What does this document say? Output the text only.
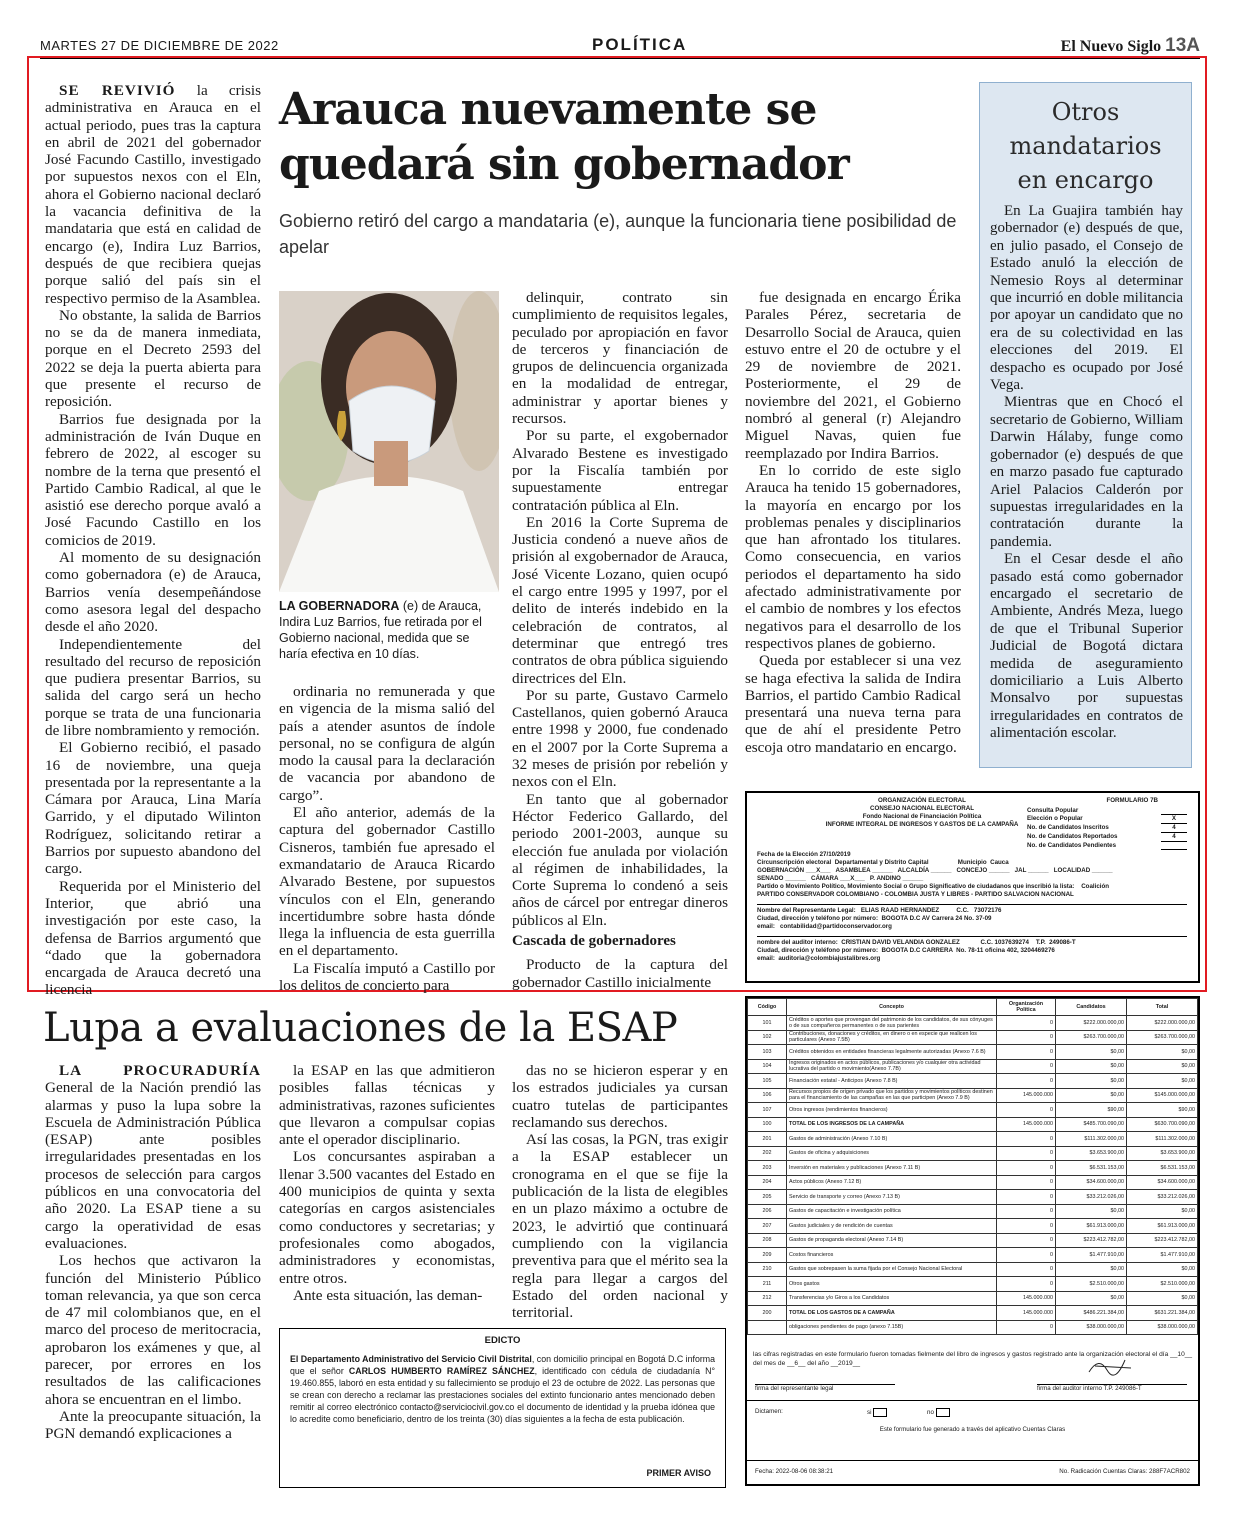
MARTES 27 DE DICIEMBRE DE 2022	POLÍTICA	El Nuevo Siglo 13A

SE REVIVIÓ la crisis administrativa en Arauca en el actual periodo, pues tras la captura en abril de 2021 del gobernador José Facundo Castillo, investigado por supuestos nexos con el Eln, ahora el Gobierno nacional declaró la vacancia definitiva de la mandataria que está en calidad de encargo (e), Indira Luz Barrios, después de que recibiera quejas porque salió del país sin el respectivo permiso de la Asamblea.

No obstante, la salida de Barrios no se da de manera inmediata, porque en el Decreto 2593 del 2022 se deja la puerta abierta para que presente el recurso de reposición.

Barrios fue designada por la administración de Iván Duque en febrero de 2022, al escoger su nombre de la terna que presentó el Partido Cambio Radical, al que le asistió ese derecho porque avaló a José Facundo Castillo en los comicios de 2019.

Al momento de su designación como gobernadora (e) de Arauca, Barrios venía desempeñándose como asesora legal del despacho desde el año 2020.

Independientemente del resultado del recurso de reposición que pudiera presentar Barrios, su salida del cargo será un hecho porque se trata de una funcionaria de libre nombramiento y remoción.

El Gobierno recibió, el pasado 16 de noviembre, una queja presentada por la representante a la Cámara por Arauca, Lina María Garrido, y el diputado Wilinton Rodríguez, solicitando retirar a Barrios por supuesto abandono del cargo.

Requerida por el Ministerio del Interior, que abrió una investigación por este caso, la defensa de Barrios argumentó que “dado que la gobernadora encargada de Arauca decretó una licencia

Arauca nuevamente se quedará sin gobernador
Gobierno retiró del cargo a mandataria (e), aunque la funcionaria tiene posibilidad de apelar
LA GOBERNADORA (e) de Arauca, Indira Luz Barrios, fue retirada por el Gobierno nacional, medida que se haría efectiva en 10 días.

ordinaria no remunerada y que en vigencia de la misma salió del país a atender asuntos de índole personal, no se configura de algún modo la causal para la declaración de vacancia por abandono de cargo”.

El año anterior, además de la captura del gobernador Castillo Cisneros, también fue apresado el exmandatario de Arauca Ricardo Alvarado Bestene, por supuestos vínculos con el Eln, generando incertidumbre sobre hasta dónde llega la influencia de esta guerrilla en el departamento.

La Fiscalía imputó a Castillo por los delitos de concierto para

delinquir, contrato sin cumplimiento de requisitos legales, peculado por apropiación en favor de terceros y financiación de grupos de delincuencia organizada en la modalidad de entregar, administrar y aportar bienes y recursos.

Por su parte, el exgobernador Alvarado Bestene es investigado por la Fiscalía también por supuestamente entregar contratación pública al Eln.

En 2016 la Corte Suprema de Justicia condenó a nueve años de prisión al exgobernador de Arauca, José Vicente Lozano, quien ocupó el cargo entre 1995 y 1997, por el delito de interés indebido en la celebración de contratos, al determinar que entregó tres contratos de obra pública siguiendo directrices del Eln.

Por su parte, Gustavo Carmelo Castellanos, quien gobernó Arauca entre 1998 y 2000, fue condenado en el 2007 por la Corte Suprema a 32 meses de prisión por rebelión y nexos con el Eln.

En tanto que al gobernador Héctor Federico Gallardo, del periodo 2001-2003, aunque su elección fue anulada por violación al régimen de inhabilidades, la Corte Suprema lo condenó a seis años de cárcel por entregar dineros públicos al Eln.

Cascada de gobernadores

Producto de la captura del gobernador Castillo inicialmente

fue designada en encargo Érika Parales Pérez, secretaria de Desarrollo Social de Arauca, quien estuvo entre el 20 de octubre y el 29 de noviembre de 2021. Posteriormente, el 29 de noviembre del 2021, el Gobierno nombró al general (r) Alejandro Miguel Navas, quien fue reemplazado por Indira Barrios.

En lo corrido de este siglo Arauca ha tenido 15 gobernadores, la mayoría en encargo por los problemas penales y disciplinarios que han afrontado los titulares. Como consecuencia, en varios periodos el departamento ha sido afectado administrativamente por el cambio de nombres y los efectos negativos para el desarrollo de los respectivos planes de gobierno.

Queda por establecer si una vez se haga efectiva la salida de Indira Barrios, el partido Cambio Radical presentará una nueva terna para que de ahí el presidente Petro escoja otro mandatario en encargo.

Otros mandatarios en encargo

En La Guajira también hay gobernador (e) después de que, en julio pasado, el Consejo de Estado anuló la elección de Nemesio Roys al determinar que incurrió en doble militancia por apoyar un candidato que no era de su colectividad en las elecciones del 2019. El despacho es ocupado por José Vega.

Mientras que en Chocó el secretario de Gobierno, William Darwin Hálaby, funge como gobernador (e) después de que en marzo pasado fue capturado Ariel Palacios Calderón por supuestas irregularidades en la contratación durante la pandemia.

En el Cesar desde el año pasado está como gobernador encargado el secretario de Ambiente, Andrés Meza, luego de que el Tribunal Superior Judicial de Bogotá dictara medida de aseguramiento domiciliario a Luis Alberto Monsalvo por supuestas irregularidades en contratos de alimentación escolar.

ORGANIZACIÓN ELECTORAL
CONSEJO NACIONAL ELECTORAL
Fondo Nacional de Financiación Política
INFORME INTEGRAL DE INGRESOS Y GASTOS DE LA CAMPAÑA
FORMULARIO 7B
Consulta Popular
Elección o Popular	X
No. de Candidatos Inscritos	4
No. de Candidatos Reportados	4
No. de Candidatos Pendientes
Fecha de la Elección 27/10/2019
Circunscripción electoral  Departamental y Distrito Capital                 Municipio  Cauca
GOBERNACIÓN ___X___   ASAMBLEA ______   ALCALDÍA ______   CONCEJO ______   JAL ______   LOCALIDAD ______
SENADO ______   CÁMARA ___X___   P. ANDINO ______
Partido o Movimiento Político, Movimiento Social o Grupo Significativo de ciudadanos que inscribió la lista:    Coalición
PARTIDO CONSERVADOR COLOMBIANO - COLOMBIA JUSTA Y LIBRES - PARTIDO SALVACION NACIONAL
Nombre del Representante Legal:   ELIAS RAAD HERNANDEZ          C.C.   73072176
Ciudad, dirección y teléfono por número:  BOGOTA D.C AV Carrera 24 No. 37-09
email:   contabilidad@partidoconservador.org
nombre del auditor interno:  CRISTIAN DAVID VELANDIA GONZALEZ            C.C. 1037639274    T.P.  249086-T
Ciudad, dirección y teléfono por número:  BOGOTA D.C CARRERA  No. 78-11 oficina 402, 3204469276
email:  auditoria@colombiajustalibres.org
Código	Concepto	Organización Política	Candidatos	Total
101	Créditos o aportes que provengan del patrimonio de los candidatos, de sus cónyuges o de sus compañeros permanentes o de sus parientes	0	$222.000.000,00	$222.000.000,00
102	Contribuciones, donaciones y créditos, en dinero o en especie que realicen los particulares (Anexo 7.5B)	0	$263.700.000,00	$263.700.000,00
103	Créditos obtenidos en entidades financieras legalmente autorizadas (Anexo 7.6 B)	0	$0,00	$0,00
104	Ingresos originados en actos públicos, publicaciones y/o cualquier otra actividad lucrativa del partido o movimiento(Anexo 7.7B)	0	$0,00	$0,00
105	Financiación estatal - Anticipos (Anexo 7.8 B)	0	$0,00	$0,00
106	Recursos propios de origen privado que los partidos y movimientos políticos destinen para el financiamiento de las campañas en las que participen (Anexo 7.9 B)	145.000.000	$0,00	$145.000.000,00
107	Otros ingresos (rendimientos financieros)	0	$90,00	$90,00
100	TOTAL DE LOS INGRESOS DE LA CAMPAÑA	145.000.000	$485.700.090,00	$630.700.090,00
201	Gastos de administración (Anexo 7.10 B)	0	$111.302.000,00	$111.302.000,00
202	Gastos de oficina y adquisiciones	0	$3.653.900,00	$3.653.900,00
203	Inversión en materiales y publicaciones (Anexo 7.11 B)	0	$6.531.153,00	$6.531.153,00
204	Actos públicos (Anexo 7.12 B)	0	$34.600.000,00	$34.600.000,00
205	Servicio de transporte y correo (Anexo 7.13 B)	0	$33.212.026,00	$33.212.026,00
206	Gastos de capacitación e investigación política	0	$0,00	$0,00
207	Gastos judiciales y de rendición de cuentas	0	$61.913.000,00	$61.913.000,00
208	Gastos de propaganda electoral (Anexo 7.14 B)	0	$223.412.782,00	$223.412.782,00
209	Costos financieros	0	$1.477.910,00	$1.477.910,00
210	Gastos que sobrepasen la suma fijada por el Consejo Nacional Electoral	0	$0,00	$0,00
211	Otros gastos	0	$2.510.000,00	$2.510.000,00
212	Transferencias y/o Giros a los Candidatos	145.000.000	$0,00	$0,00
200	TOTAL DE LOS GASTOS DE A CAMPAÑA	145.000.000	$486.221.384,00	$631.221.384,00
	obligaciones pendientes de pago (anexo 7.15B)	0	$38.000.000,00	$38.000.000,00
las cifras registradas en este formulario fueron tomadas fielmente del libro de ingresos y gastos registrado ante la organización electoral el día __10__ del mes de __6__ del año __2019__
firma del representante legal	firma del auditor interno T.P. 249086-T
Dictamen:	si	no
Este formulario fue generado a través del aplicativo Cuentas Claras
Fecha: 2022-08-06 08:38:21	No. Radicación Cuentas Claras: 288F7ACR802
Lupa a evaluaciones de la ESAP

LA PROCURADURÍA General de la Nación prendió las alarmas y puso la lupa sobre la Escuela de Administración Pública (ESAP) ante posibles irregularidades presentadas en los procesos de selección para cargos públicos en una convocatoria del año 2020. La ESAP tiene a su cargo la operatividad de esas evaluaciones.

Los hechos que activaron la función del Ministerio Público toman relevancia, ya que son cerca de 47 mil colombianos que, en el marco del proceso de meritocracia, aprobaron los exámenes y que, al parecer, por errores en los resultados de las calificaciones ahora se encuentran en el limbo.

Ante la preocupante situación, la PGN demandó explicaciones a

la ESAP en las que admitieron posibles fallas técnicas y administrativas, razones suficientes que llevaron a compulsar copias ante el operador disciplinario.

Los concursantes aspiraban a llenar 3.500 vacantes del Estado en 400 municipios de quinta y sexta categorías en cargos asistenciales como conductores y secretarias; y profesionales como abogados, administradores y economistas, entre otros.

Ante esta situación, las deman-

das no se hicieron esperar y en los estrados judiciales ya cursan cuatro tutelas de participantes reclamando sus derechos.

Así las cosas, la PGN, tras exigir a la ESAP establecer un cronograma en el que se fije la publicación de la lista de elegibles en un plazo máximo a octubre de 2023, le advirtió que continuará cumpliendo con la vigilancia preventiva para que el mérito sea la regla para llegar a cargos del Estado del orden nacional y territorial.

EDICTO
El Departamento Administrativo del Servicio Civil Distrital, con domicilio principal en Bogotá D.C informa que el señor CARLOS HUMBERTO RAMÍREZ SÁNCHEZ, identificado con cédula de ciudadanía N° 19.460.855, laboró en esta entidad y su fallecimiento se produjo el 23 de octubre de 2022. Las personas que se crean con derecho a reclamar las prestaciones sociales del extinto funcionario antes mencionado deben remitir al correo electrónico contacto@serviciocivil.gov.co el documento de identidad y la prueba idónea que lo acredite como beneficiario, dentro de los treinta (30) días siguientes a la fecha de esta publicación.
PRIMER AVISO
